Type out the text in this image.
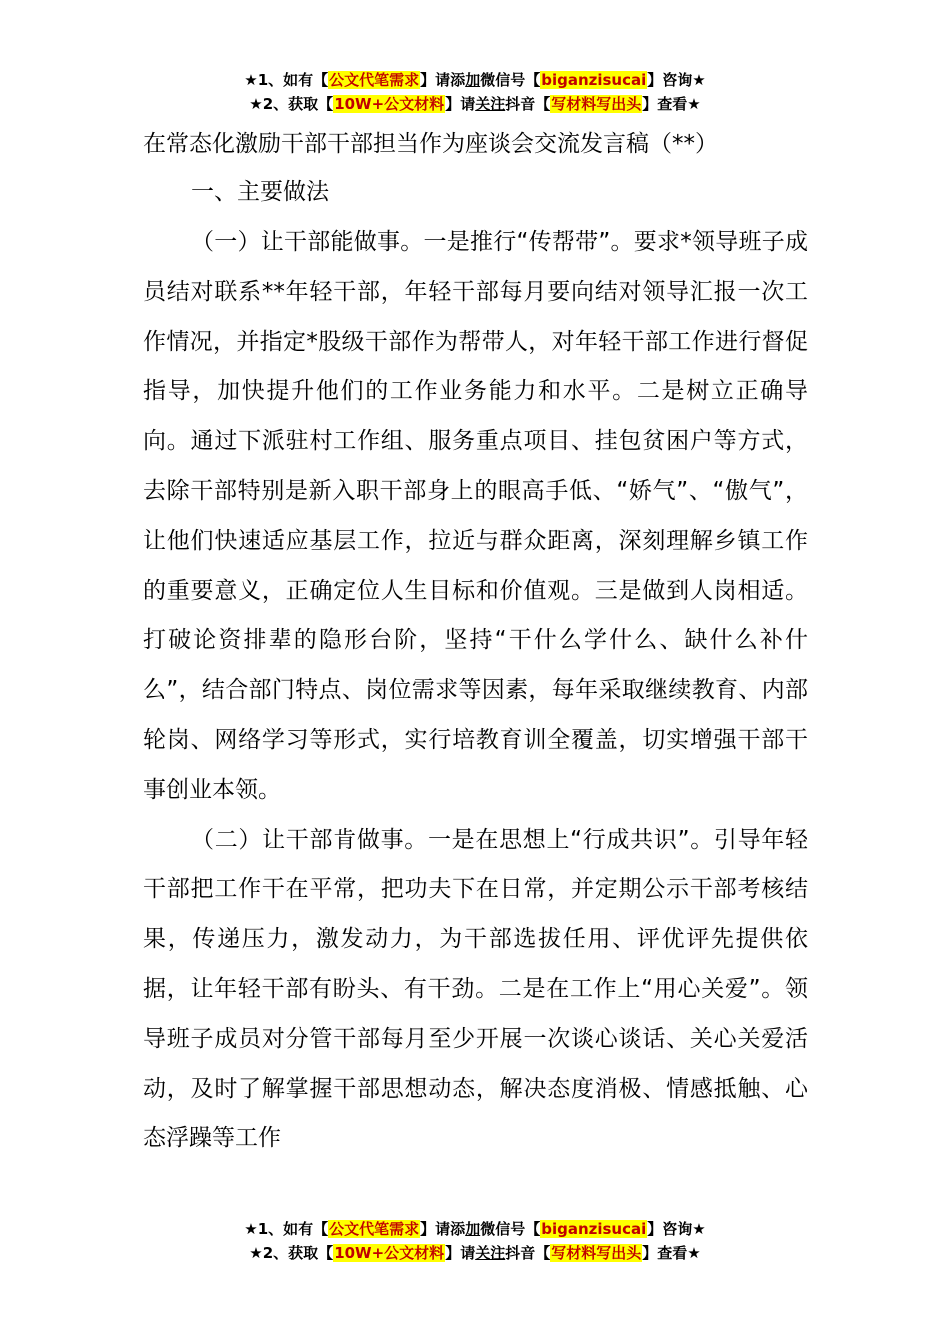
★1、如有【公文代笔需求】请添加微信号【biganzisucai】咨询★
★2、获取【10W+公文材料】请关注抖音【写材料写出头】查看★
在常态化激励干部干部担当作为座谈会交流发言稿（**）
一、主要做法

（一）让干部能做事。一是推行“传帮带”。要求*领导班子成员结对联系**年轻干部，年轻干部每月要向结对领导汇报一次工作情况，并指定*股级干部作为帮带人，对年轻干部工作进行督促指导，加快提升他们的工作业务能力和水平。二是树立正确导向。通过下派驻村工作组、服务重点项目、挂包贫困户等方式，去除干部特别是新入职干部身上的眼高手低、“娇气”、“傲气”，让他们快速适应基层工作，拉近与群众距离，深刻理解乡镇工作的重要意义，正确定位人生目标和价值观。三是做到人岗相适。打破论资排辈的隐形台阶，坚持“干什么学什么、缺什么补什么”，结合部门特点、岗位需求等因素，每年采取继续教育、内部轮岗、网络学习等形式，实行培教育训全覆盖，切实增强干部干事创业本领。

（二）让干部肯做事。一是在思想上“行成共识”。引导年轻干部把工作干在平常，把功夫下在日常，并定期公示干部考核结果，传递压力，激发动力，为干部选拔任用、评优评先提供依据，让年轻干部有盼头、有干劲。二是在工作上“用心关爱”。领导班子成员对分管干部每月至少开展一次谈心谈话、关心关爱活动，及时了解掌握干部思想动态，解决态度消极、情感抵触、心态浮躁等工作

★1、如有【公文代笔需求】请添加微信号【biganzisucai】咨询★
★2、获取【10W+公文材料】请关注抖音【写材料写出头】查看★
